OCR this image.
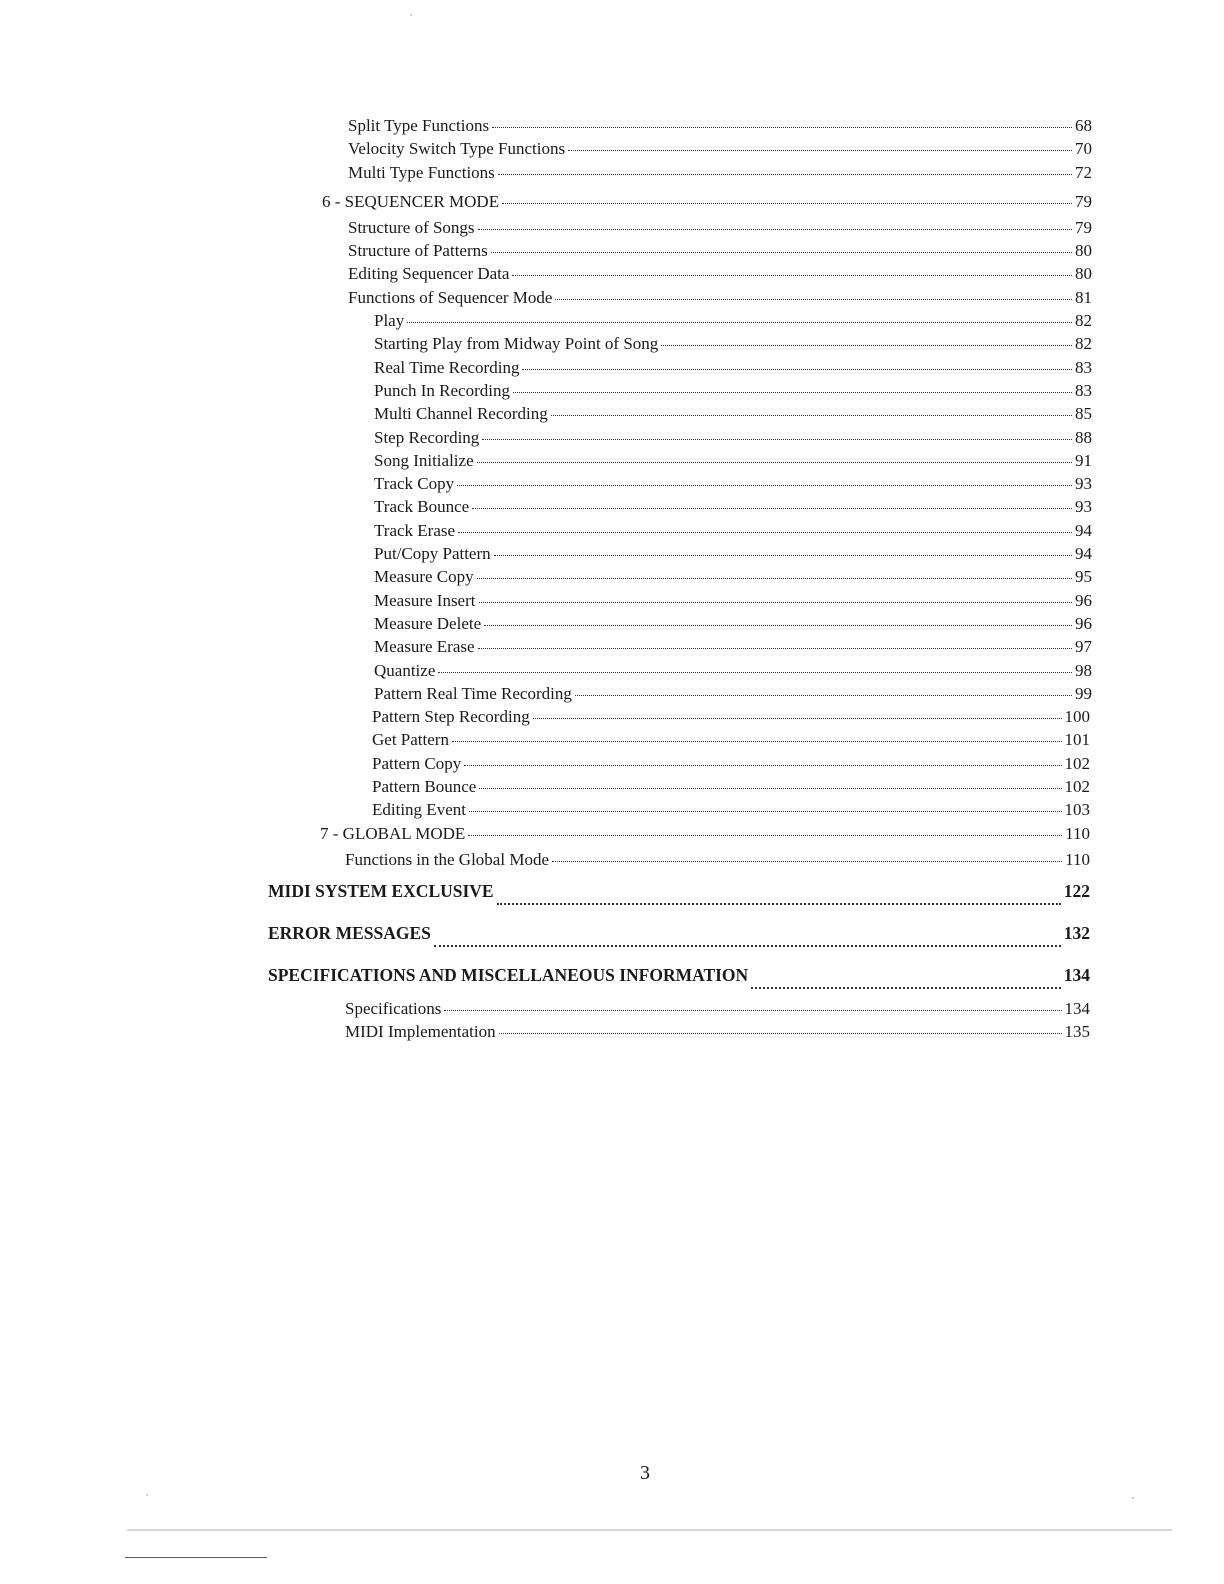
Split Type Functions	68
Velocity Switch Type Functions	70
Multi Type Functions	72
6 - SEQUENCER MODE	79
Structure of Songs	79
Structure of Patterns	80
Editing Sequencer Data	80
Functions of Sequencer Mode	81
Play	82
Starting Play from Midway Point of Song	82
Real Time Recording	83
Punch In Recording	83
Multi Channel Recording	85
Step Recording	88
Song Initialize	91
Track Copy	93
Track Bounce	93
Track Erase	94
Put/Copy Pattern	94
Measure Copy	95
Measure Insert	96
Measure Delete	96
Measure Erase	97
Quantize	98
Pattern Real Time Recording	99
Pattern Step Recording	100
Get Pattern	101
Pattern Copy	102
Pattern Bounce	102
Editing Event	103
7 - GLOBAL MODE	110
Functions in the Global Mode	110
MIDI SYSTEM EXCLUSIVE	122
ERROR MESSAGES	132
SPECIFICATIONS AND MISCELLANEOUS INFORMATION	134
Specifications	134
MIDI Implementation	135
3
